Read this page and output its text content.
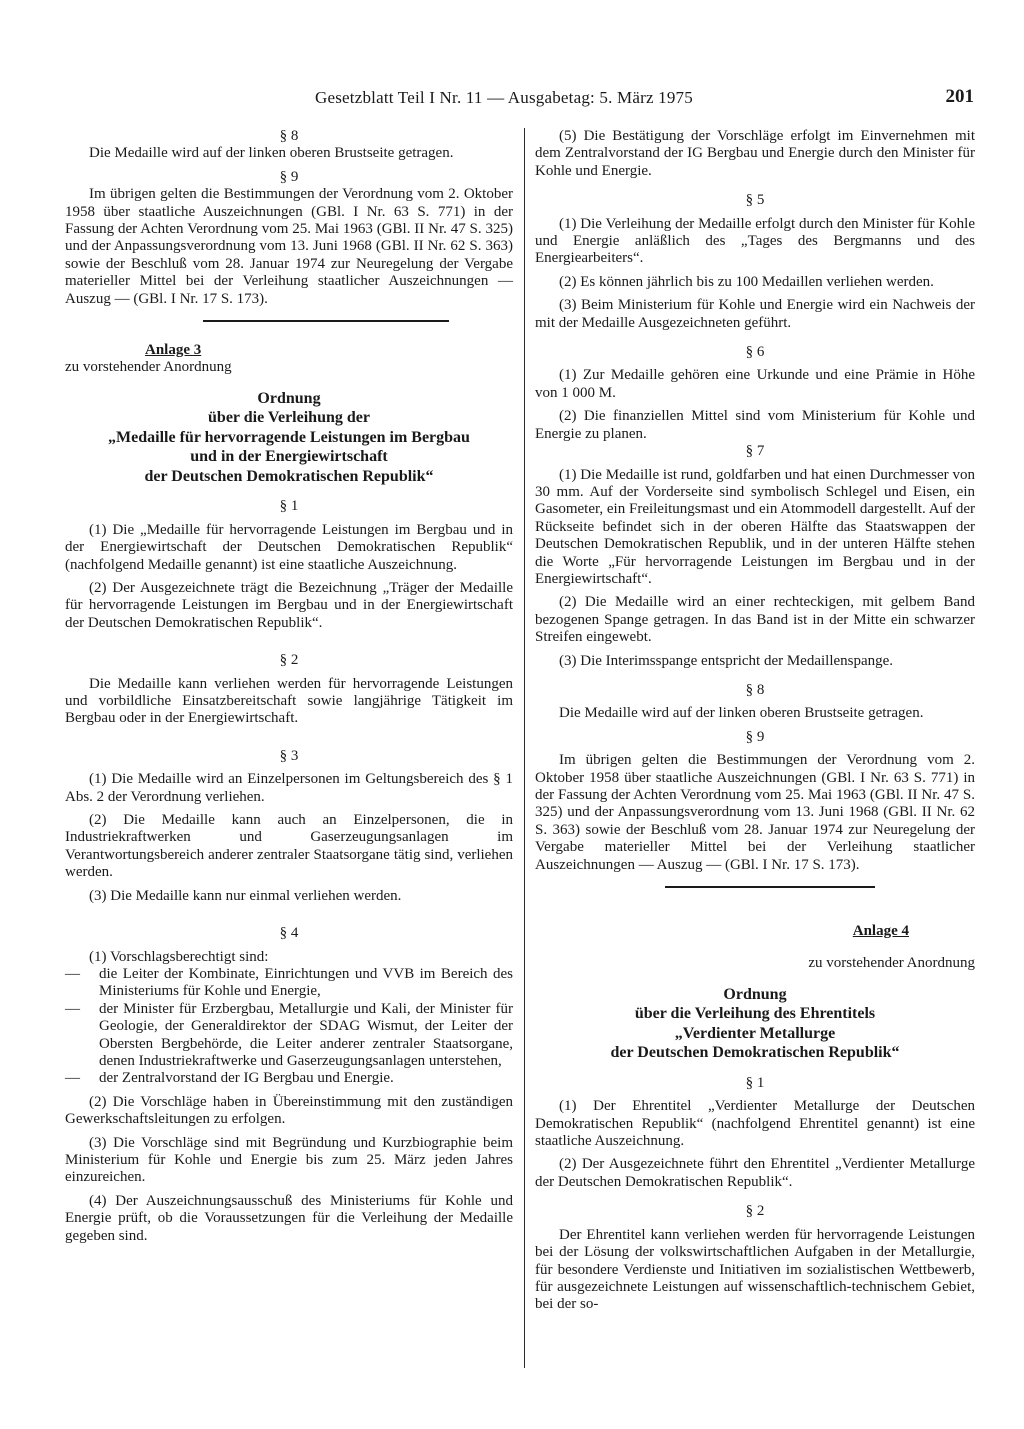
Gesetzblatt Teil I Nr. 11 — Ausgabetag: 5. März 1975	201

§ 8

Die Medaille wird auf der linken oberen Brustseite getragen.

§ 9

Im übrigen gelten die Bestimmungen der Verordnung vom 2. Oktober 1958 über staatliche Auszeichnungen (GBl. I Nr. 63 S. 771) in der Fassung der Achten Verordnung vom 25. Mai 1963 (GBl. II Nr. 47 S. 325) und der Anpassungsverordnung vom 13. Juni 1968 (GBl. II Nr. 62 S. 363) sowie der Beschluß vom 28. Januar 1974 zur Neuregelung der Vergabe materieller Mittel bei der Verleihung staatlicher Auszeichnungen — Auszug — (GBl. I Nr. 17 S. 173).

Anlage 3

zu vorstehender Anordnung

Ordnung

über die Verleihung der

„Medaille für hervorragende Leistungen im Bergbau

und in der Energiewirtschaft

der Deutschen Demokratischen Republik“

§ 1

(1) Die „Medaille für hervorragende Leistungen im Bergbau und in der Energiewirtschaft der Deutschen Demokratischen Republik“ (nachfolgend Medaille genannt) ist eine staatliche Auszeichnung.

(2) Der Ausgezeichnete trägt die Bezeichnung „Träger der Medaille für hervorragende Leistungen im Bergbau und in der Energiewirtschaft der Deutschen Demokratischen Republik“.

§ 2

Die Medaille kann verliehen werden für hervorragende Leistungen und vorbildliche Einsatzbereitschaft sowie langjährige Tätigkeit im Bergbau oder in der Energiewirtschaft.

§ 3

(1) Die Medaille wird an Einzelpersonen im Geltungsbereich des § 1 Abs. 2 der Verordnung verliehen.

(2) Die Medaille kann auch an Einzelpersonen, die in Industriekraftwerken und Gaserzeugungsanlagen im Verantwortungsbereich anderer zentraler Staatsorgane tätig sind, verliehen werden.

(3) Die Medaille kann nur einmal verliehen werden.

§ 4

(1) Vorschlagsberechtigt sind:

— die Leiter der Kombinate, Einrichtungen und VVB im Bereich des Ministeriums für Kohle und Energie,

— der Minister für Erzbergbau, Metallurgie und Kali, der Minister für Geologie, der Generaldirektor der SDAG Wismut, der Leiter der Obersten Bergbehörde, die Leiter anderer zentraler Staatsorgane, denen Industriekraftwerke und Gaserzeugungsanlagen unterstehen,

— der Zentralvorstand der IG Bergbau und Energie.

(2) Die Vorschläge haben in Übereinstimmung mit den zuständigen Gewerkschaftsleitungen zu erfolgen.

(3) Die Vorschläge sind mit Begründung und Kurzbiographie beim Ministerium für Kohle und Energie bis zum 25. März jeden Jahres einzureichen.

(4) Der Auszeichnungsausschuß des Ministeriums für Kohle und Energie prüft, ob die Voraussetzungen für die Verleihung der Medaille gegeben sind.

(5) Die Bestätigung der Vorschläge erfolgt im Einvernehmen mit dem Zentralvorstand der IG Bergbau und Energie durch den Minister für Kohle und Energie.

§ 5

(1) Die Verleihung der Medaille erfolgt durch den Minister für Kohle und Energie anläßlich des „Tages des Bergmanns und des Energiearbeiters“.

(2) Es können jährlich bis zu 100 Medaillen verliehen werden.

(3) Beim Ministerium für Kohle und Energie wird ein Nachweis der mit der Medaille Ausgezeichneten geführt.

§ 6

(1) Zur Medaille gehören eine Urkunde und eine Prämie in Höhe von 1 000 M.

(2) Die finanziellen Mittel sind vom Ministerium für Kohle und Energie zu planen.

§ 7

(1) Die Medaille ist rund, goldfarben und hat einen Durchmesser von 30 mm. Auf der Vorderseite sind symbolisch Schlegel und Eisen, ein Gasometer, ein Freileitungsmast und ein Atommodell dargestellt. Auf der Rückseite befindet sich in der oberen Hälfte das Staatswappen der Deutschen Demokratischen Republik, und in der unteren Hälfte stehen die Worte „Für hervorragende Leistungen im Bergbau und in der Energiewirtschaft“.

(2) Die Medaille wird an einer rechteckigen, mit gelbem Band bezogenen Spange getragen. In das Band ist in der Mitte ein schwarzer Streifen eingewebt.

(3) Die Interimsspange entspricht der Medaillenspange.

§ 8

Die Medaille wird auf der linken oberen Brustseite getragen.

§ 9

Im übrigen gelten die Bestimmungen der Verordnung vom 2. Oktober 1958 über staatliche Auszeichnungen (GBl. I Nr. 63 S. 771) in der Fassung der Achten Verordnung vom 25. Mai 1963 (GBl. II Nr. 47 S. 325) und der Anpassungsverordnung vom 13. Juni 1968 (GBl. II Nr. 62 S. 363) sowie der Beschluß vom 28. Januar 1974 zur Neuregelung der Vergabe materieller Mittel bei der Verleihung staatlicher Auszeichnungen — Auszug — (GBl. I Nr. 17 S. 173).

Anlage 4

zu vorstehender Anordnung

Ordnung

über die Verleihung des Ehrentitels

„Verdienter Metallurge

der Deutschen Demokratischen Republik“

§ 1

(1) Der Ehrentitel „Verdienter Metallurge der Deutschen Demokratischen Republik“ (nachfolgend Ehrentitel genannt) ist eine staatliche Auszeichnung.

(2) Der Ausgezeichnete führt den Ehrentitel „Verdienter Metallurge der Deutschen Demokratischen Republik“.

§ 2

Der Ehrentitel kann verliehen werden für hervorragende Leistungen bei der Lösung der volkswirtschaftlichen Aufgaben in der Metallurgie, für besondere Verdienste und Initiativen im sozialistischen Wettbewerb, für ausgezeichnete Leistungen auf wissenschaftlich-technischem Gebiet, bei der so-
